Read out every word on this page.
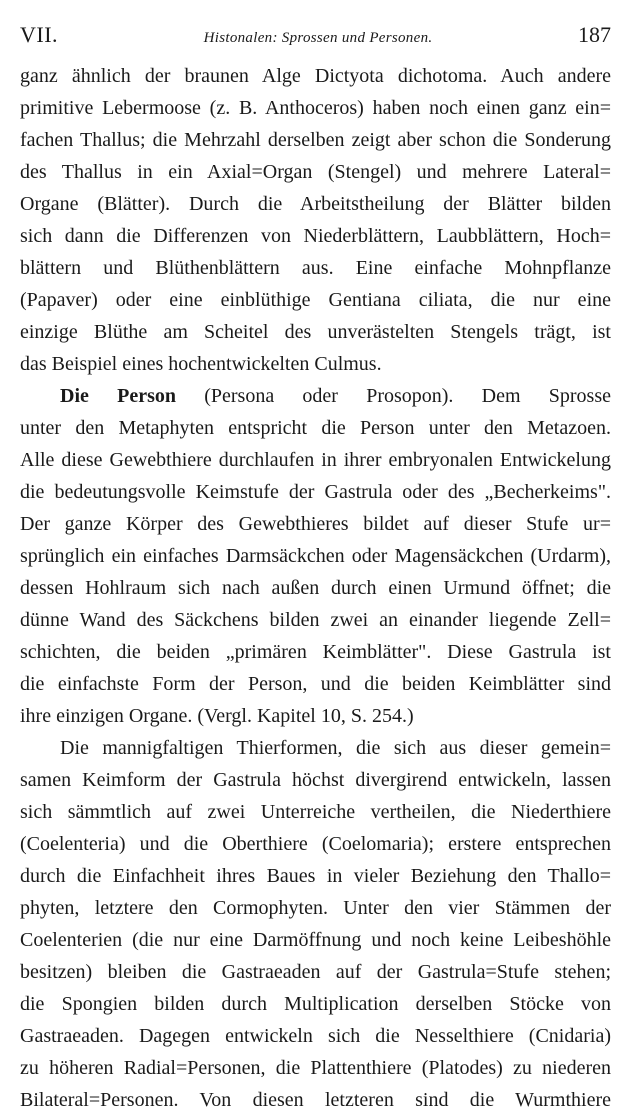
VII.	Histonalen: Sprossen und Personen.	187
ganz ähnlich der braunen Alge Dictyota dichotoma. Auch andere
primitive Lebermoose (z. B. Anthoceros) haben noch einen ganz ein=
fachen Thallus; die Mehrzahl derselben zeigt aber schon die Sonderung
des Thallus in ein Axial=Organ (Stengel) und mehrere Lateral=
Organe (Blätter). Durch die Arbeitstheilung der Blätter bilden
sich dann die Differenzen von Niederblättern, Laubblättern, Hoch=
blättern und Blüthenblättern aus. Eine einfache Mohnpflanze
(Papaver) oder eine einblüthige Gentiana ciliata, die nur eine
einzige Blüthe am Scheitel des unverästelten Stengels trägt, ist
das Beispiel eines hochentwickelten Culmus.
Die Person (Persona oder Prosopon). Dem Sprosse
unter den Metaphyten entspricht die Person unter den Metazoen.
Alle diese Gewebthiere durchlaufen in ihrer embryonalen Entwickelung
die bedeutungsvolle Keimstufe der Gastrula oder des „Becherkeims".
Der ganze Körper des Gewebthieres bildet auf dieser Stufe ur=
sprünglich ein einfaches Darmsäckchen oder Magensäckchen (Urdarm),
dessen Hohlraum sich nach außen durch einen Urmund öffnet; die
dünne Wand des Säckchens bilden zwei an einander liegende Zell=
schichten, die beiden „primären Keimblätter". Diese Gastrula ist
die einfachste Form der Person, und die beiden Keimblätter sind
ihre einzigen Organe. (Vergl. Kapitel 10, S. 254.)
Die mannigfaltigen Thierformen, die sich aus dieser gemein=
samen Keimform der Gastrula höchst divergirend entwickeln, lassen
sich sämmtlich auf zwei Unterreiche vertheilen, die Niederthiere
(Coelenteria) und die Oberthiere (Coelomaria); erstere entsprechen
durch die Einfachheit ihres Baues in vieler Beziehung den Thallo=
phyten, letztere den Cormophyten. Unter den vier Stämmen der
Coelenterien (die nur eine Darmöffnung und noch keine Leibeshöhle
besitzen) bleiben die Gastraeaden auf der Gastrula=Stufe stehen;
die Spongien bilden durch Multiplication derselben Stöcke von
Gastraeaden. Dagegen entwickeln sich die Nesselthiere (Cnidaria)
zu höheren Radial=Personen, die Plattenthiere (Platodes) zu niederen
Bilateral=Personen. Von diesen letzteren sind die Wurmthiere
